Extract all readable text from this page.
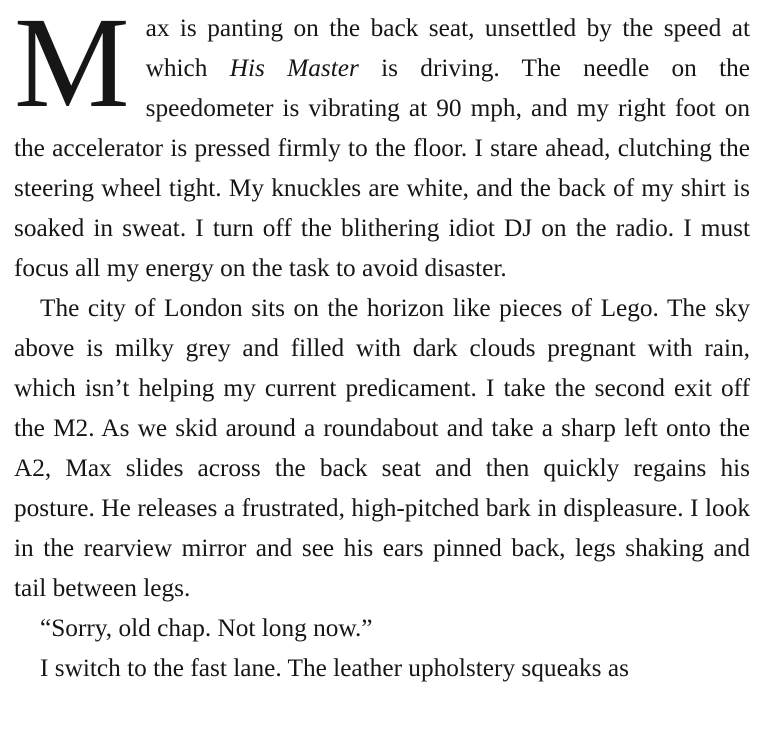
Max is panting on the back seat, unsettled by the speed at which His Master is driving. The needle on the speedometer is vibrating at 90 mph, and my right foot on the accelerator is pressed firmly to the floor. I stare ahead, clutching the steering wheel tight. My knuckles are white, and the back of my shirt is soaked in sweat. I turn off the blithering idiot DJ on the radio. I must focus all my energy on the task to avoid disaster.

The city of London sits on the horizon like pieces of Lego. The sky above is milky grey and filled with dark clouds pregnant with rain, which isn’t helping my current predicament. I take the second exit off the M2. As we skid around a roundabout and take a sharp left onto the A2, Max slides across the back seat and then quickly regains his posture. He releases a frustrated, high-pitched bark in displeasure. I look in the rearview mirror and see his ears pinned back, legs shaking and tail between legs.

“Sorry, old chap. Not long now.”

I switch to the fast lane. The leather upholstery squeaks as
